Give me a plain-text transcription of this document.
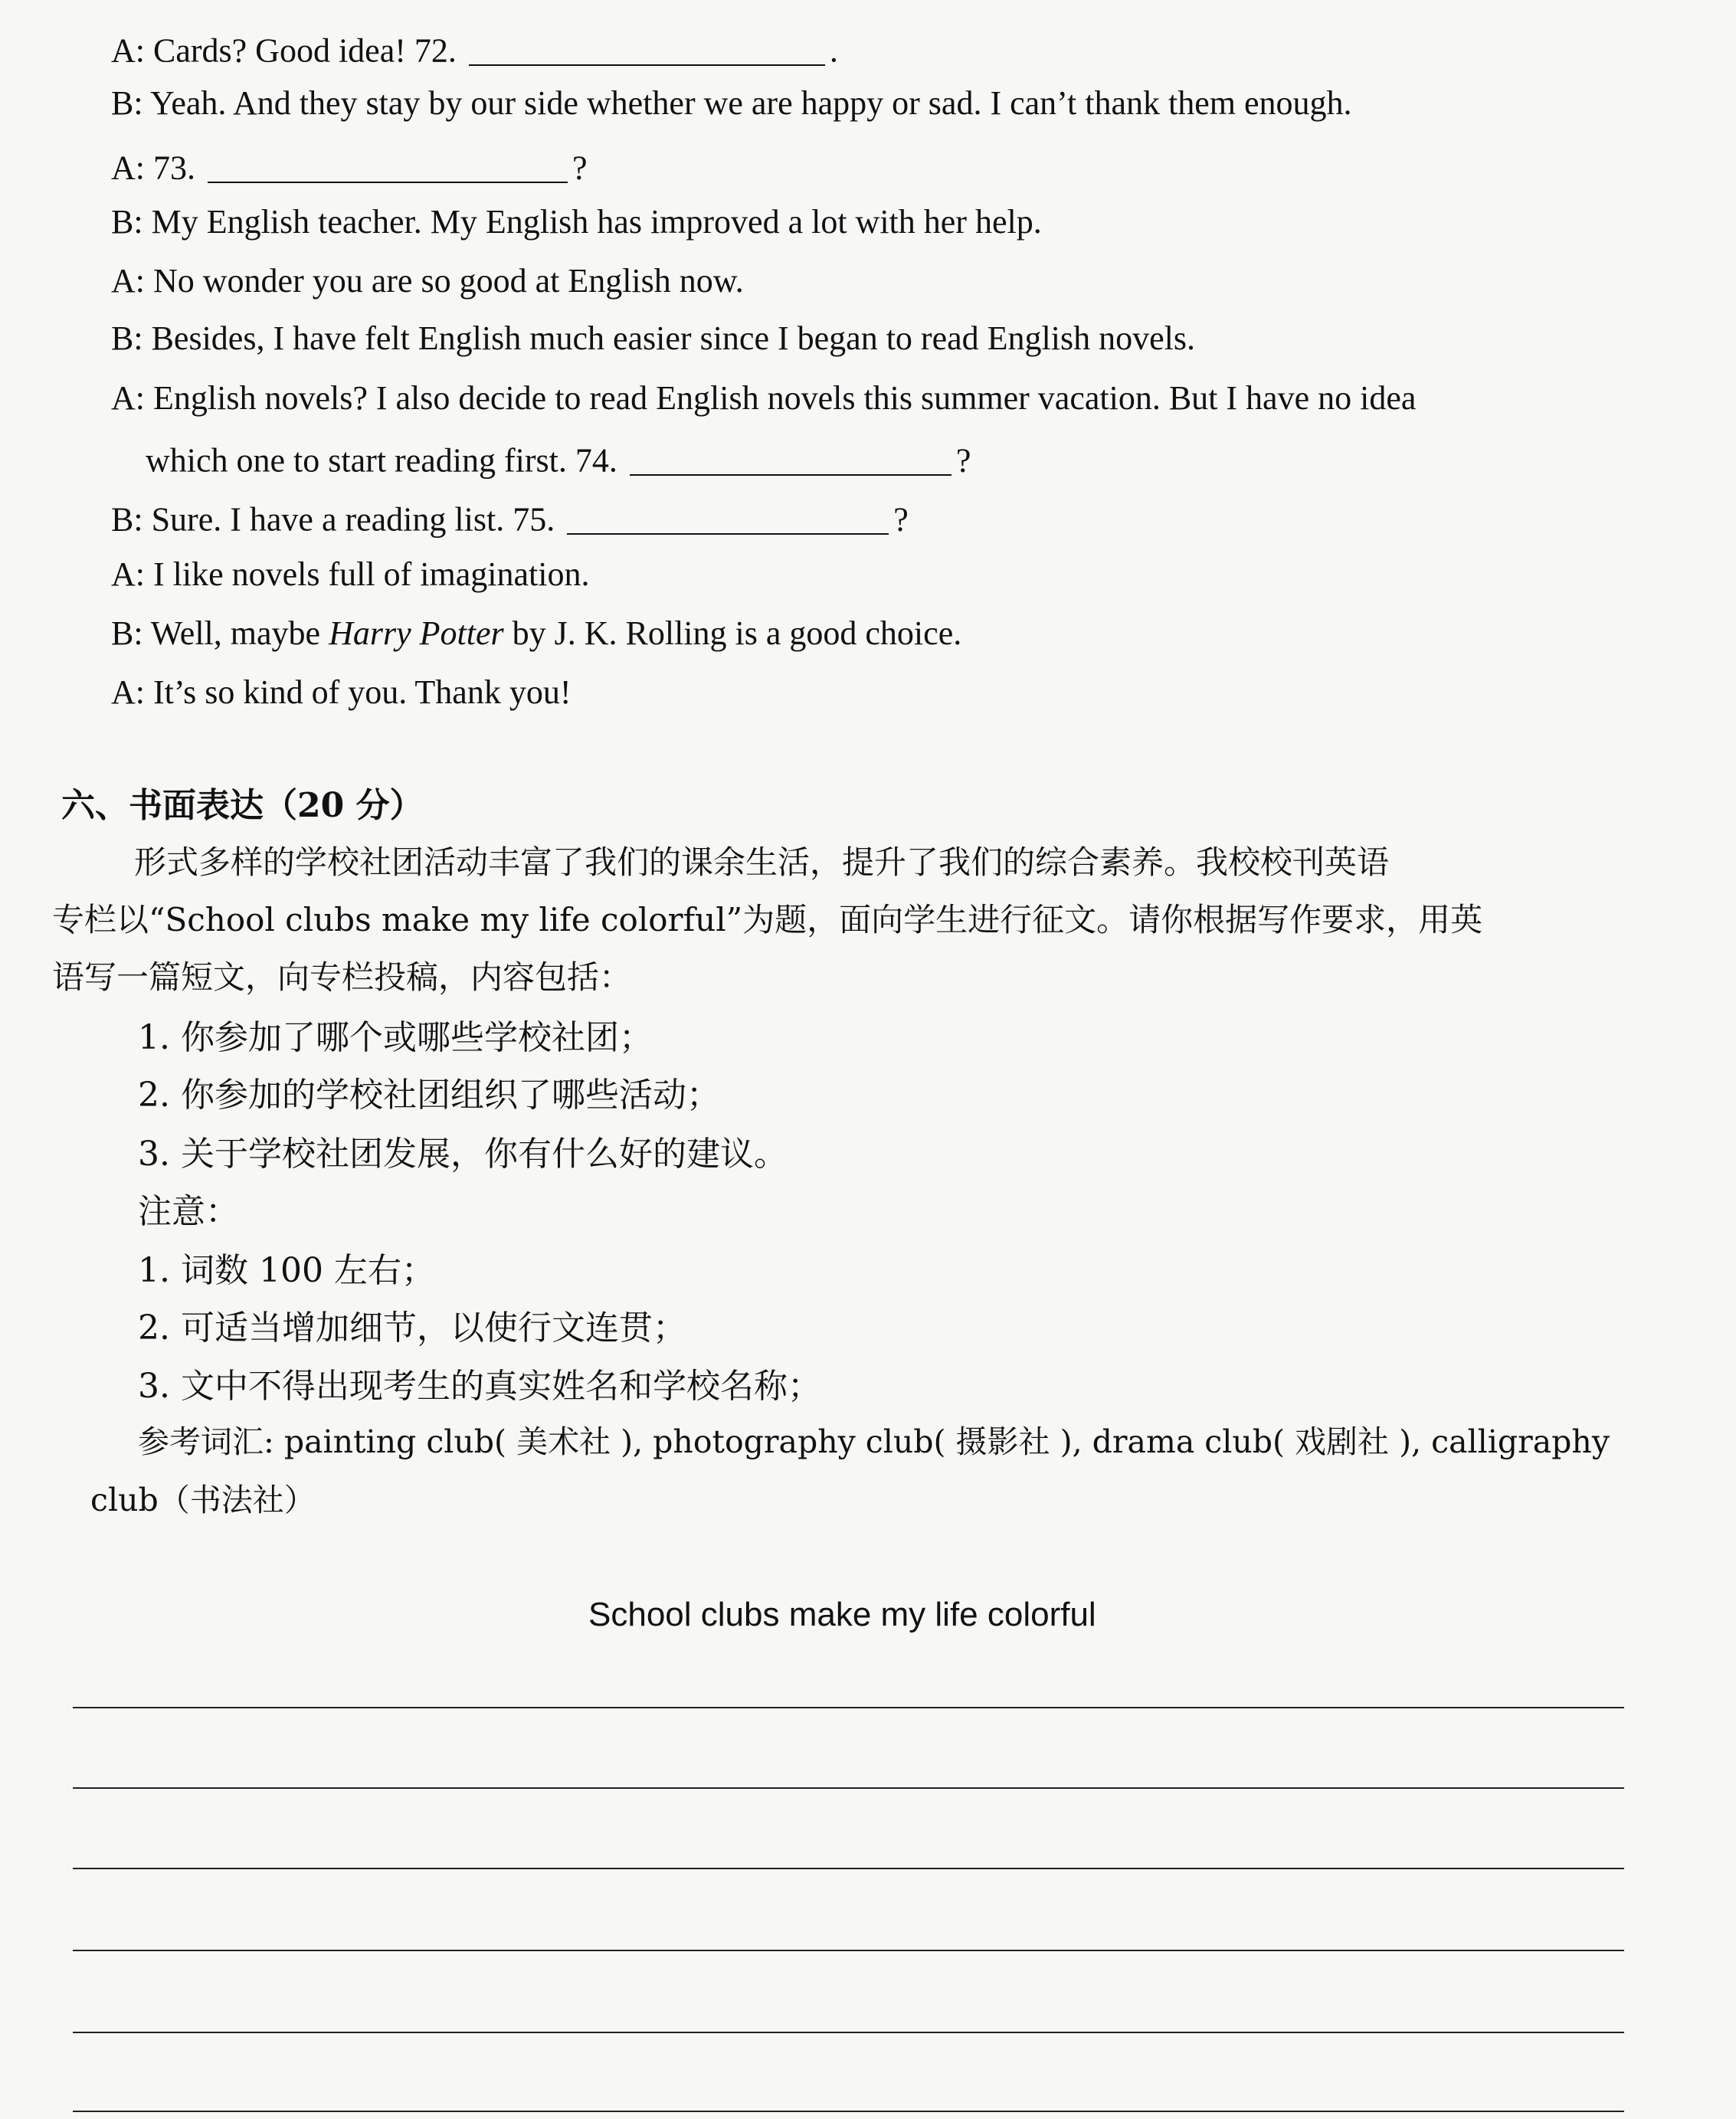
A: Cards? Good idea! 72.	.
B: Yeah. And they stay by our side whether we are happy or sad. I can’t thank them enough.
A: 73.	?
B: My English teacher. My English has improved a lot with her help.
A: No wonder you are so good at English now.
B: Besides, I have felt English much easier since I began to read English novels.
A: English novels? I also decide to read English novels this summer vacation. But I have no idea
which one to start reading first. 74.	?
B: Sure. I have a reading list. 75.	?
A: I like novels full of imagination.
B: Well, maybe Harry Potter by J. K. Rolling is a good choice.
A: It’s so kind of you. Thank you!
六、书面表达（20 分）
形式多样的学校社团活动丰富了我们的课余生活，提升了我们的综合素养。我校校刊英语
专栏以“School clubs make my life colorful”为题，面向学生进行征文。请你根据写作要求，用英
语写一篇短文，向专栏投稿，内容包括：
1. 你参加了哪个或哪些学校社团；
2. 你参加的学校社团组织了哪些活动；
3. 关于学校社团发展，你有什么好的建议。
注意：
1. 词数 100 左右；
2. 可适当增加细节，以使行文连贯；
3. 文中不得出现考生的真实姓名和学校名称；
参考词汇: painting club( 美术社 ), photography club( 摄影社 ), drama club( 戏剧社 ), calligraphy
club（书法社）
School clubs make my life colorful
